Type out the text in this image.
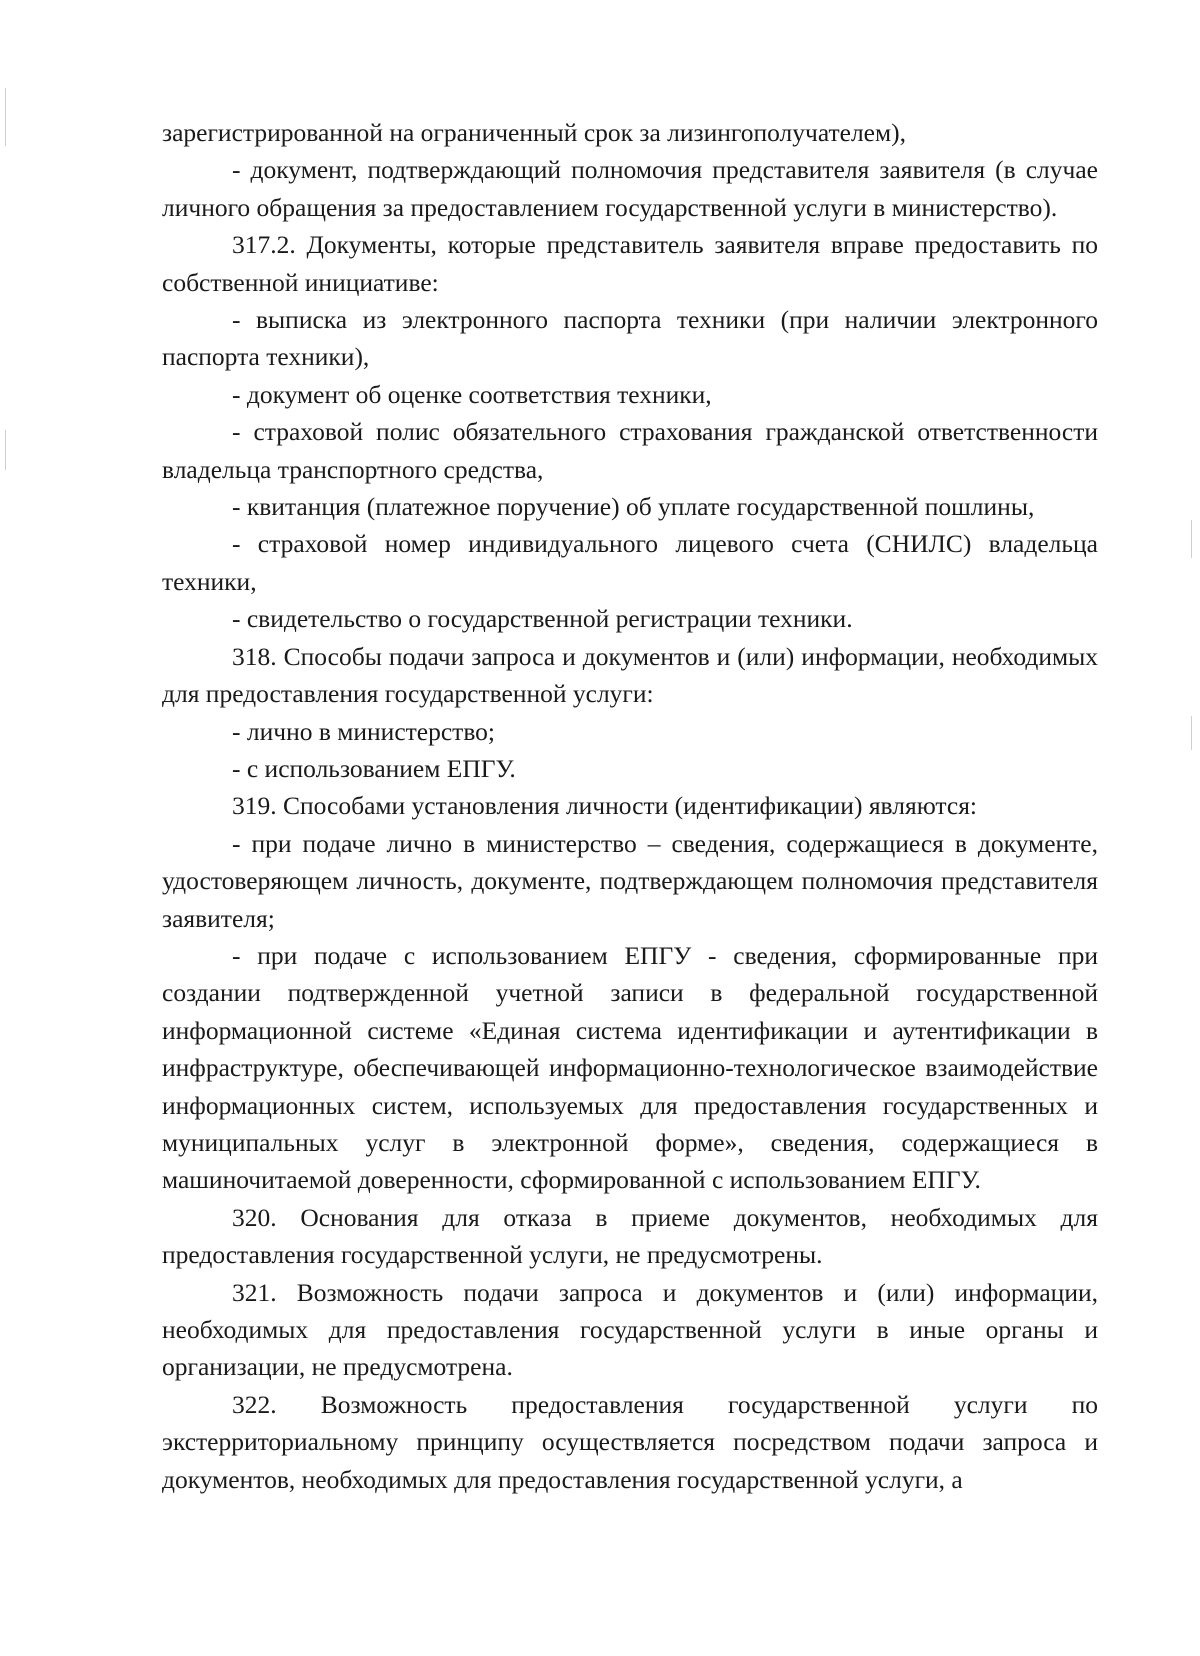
зарегистрированной на ограниченный срок за лизингополучателем),

- документ, подтверждающий полномочия представителя заявителя (в случае личного обращения за предоставлением государственной услуги в министерство).

317.2. Документы, которые представитель заявителя вправе предоставить по собственной инициативе:

- выписка из электронного паспорта техники (при наличии электронного паспорта техники),

- документ об оценке соответствия техники,

- страховой полис обязательного страхования гражданской ответственности владельца транспортного средства,

- квитанция (платежное поручение) об уплате государственной пошлины,

- страховой номер индивидуального лицевого счета (СНИЛС) владельца техники,

- свидетельство о государственной регистрации техники.

318. Способы подачи запроса и документов и (или) информации, необходимых для предоставления государственной услуги:

- лично в министерство;

- с использованием ЕПГУ.

319. Способами установления личности (идентификации) являются:

- при подаче лично в министерство – сведения, содержащиеся в документе, удостоверяющем личность, документе, подтверждающем полномочия представителя заявителя;

- при подаче с использованием ЕПГУ - сведения, сформированные при создании подтвержденной учетной записи в федеральной государственной информационной системе «Единая система идентификации и аутентификации в инфраструктуре, обеспечивающей информационно-технологическое взаимодействие информационных систем, используемых для предоставления государственных и муниципальных услуг в электронной форме», сведения, содержащиеся в машиночитаемой доверенности, сформированной с использованием ЕПГУ.

320. Основания для отказа в приеме документов, необходимых для предоставления государственной услуги, не предусмотрены.

321. Возможность подачи запроса и документов и (или) информации, необходимых для предоставления государственной услуги в иные органы и организации, не предусмотрена.

322. Возможность предоставления государственной услуги по экстерриториальному принципу осуществляется посредством подачи запроса и документов, необходимых для предоставления государственной услуги, а
